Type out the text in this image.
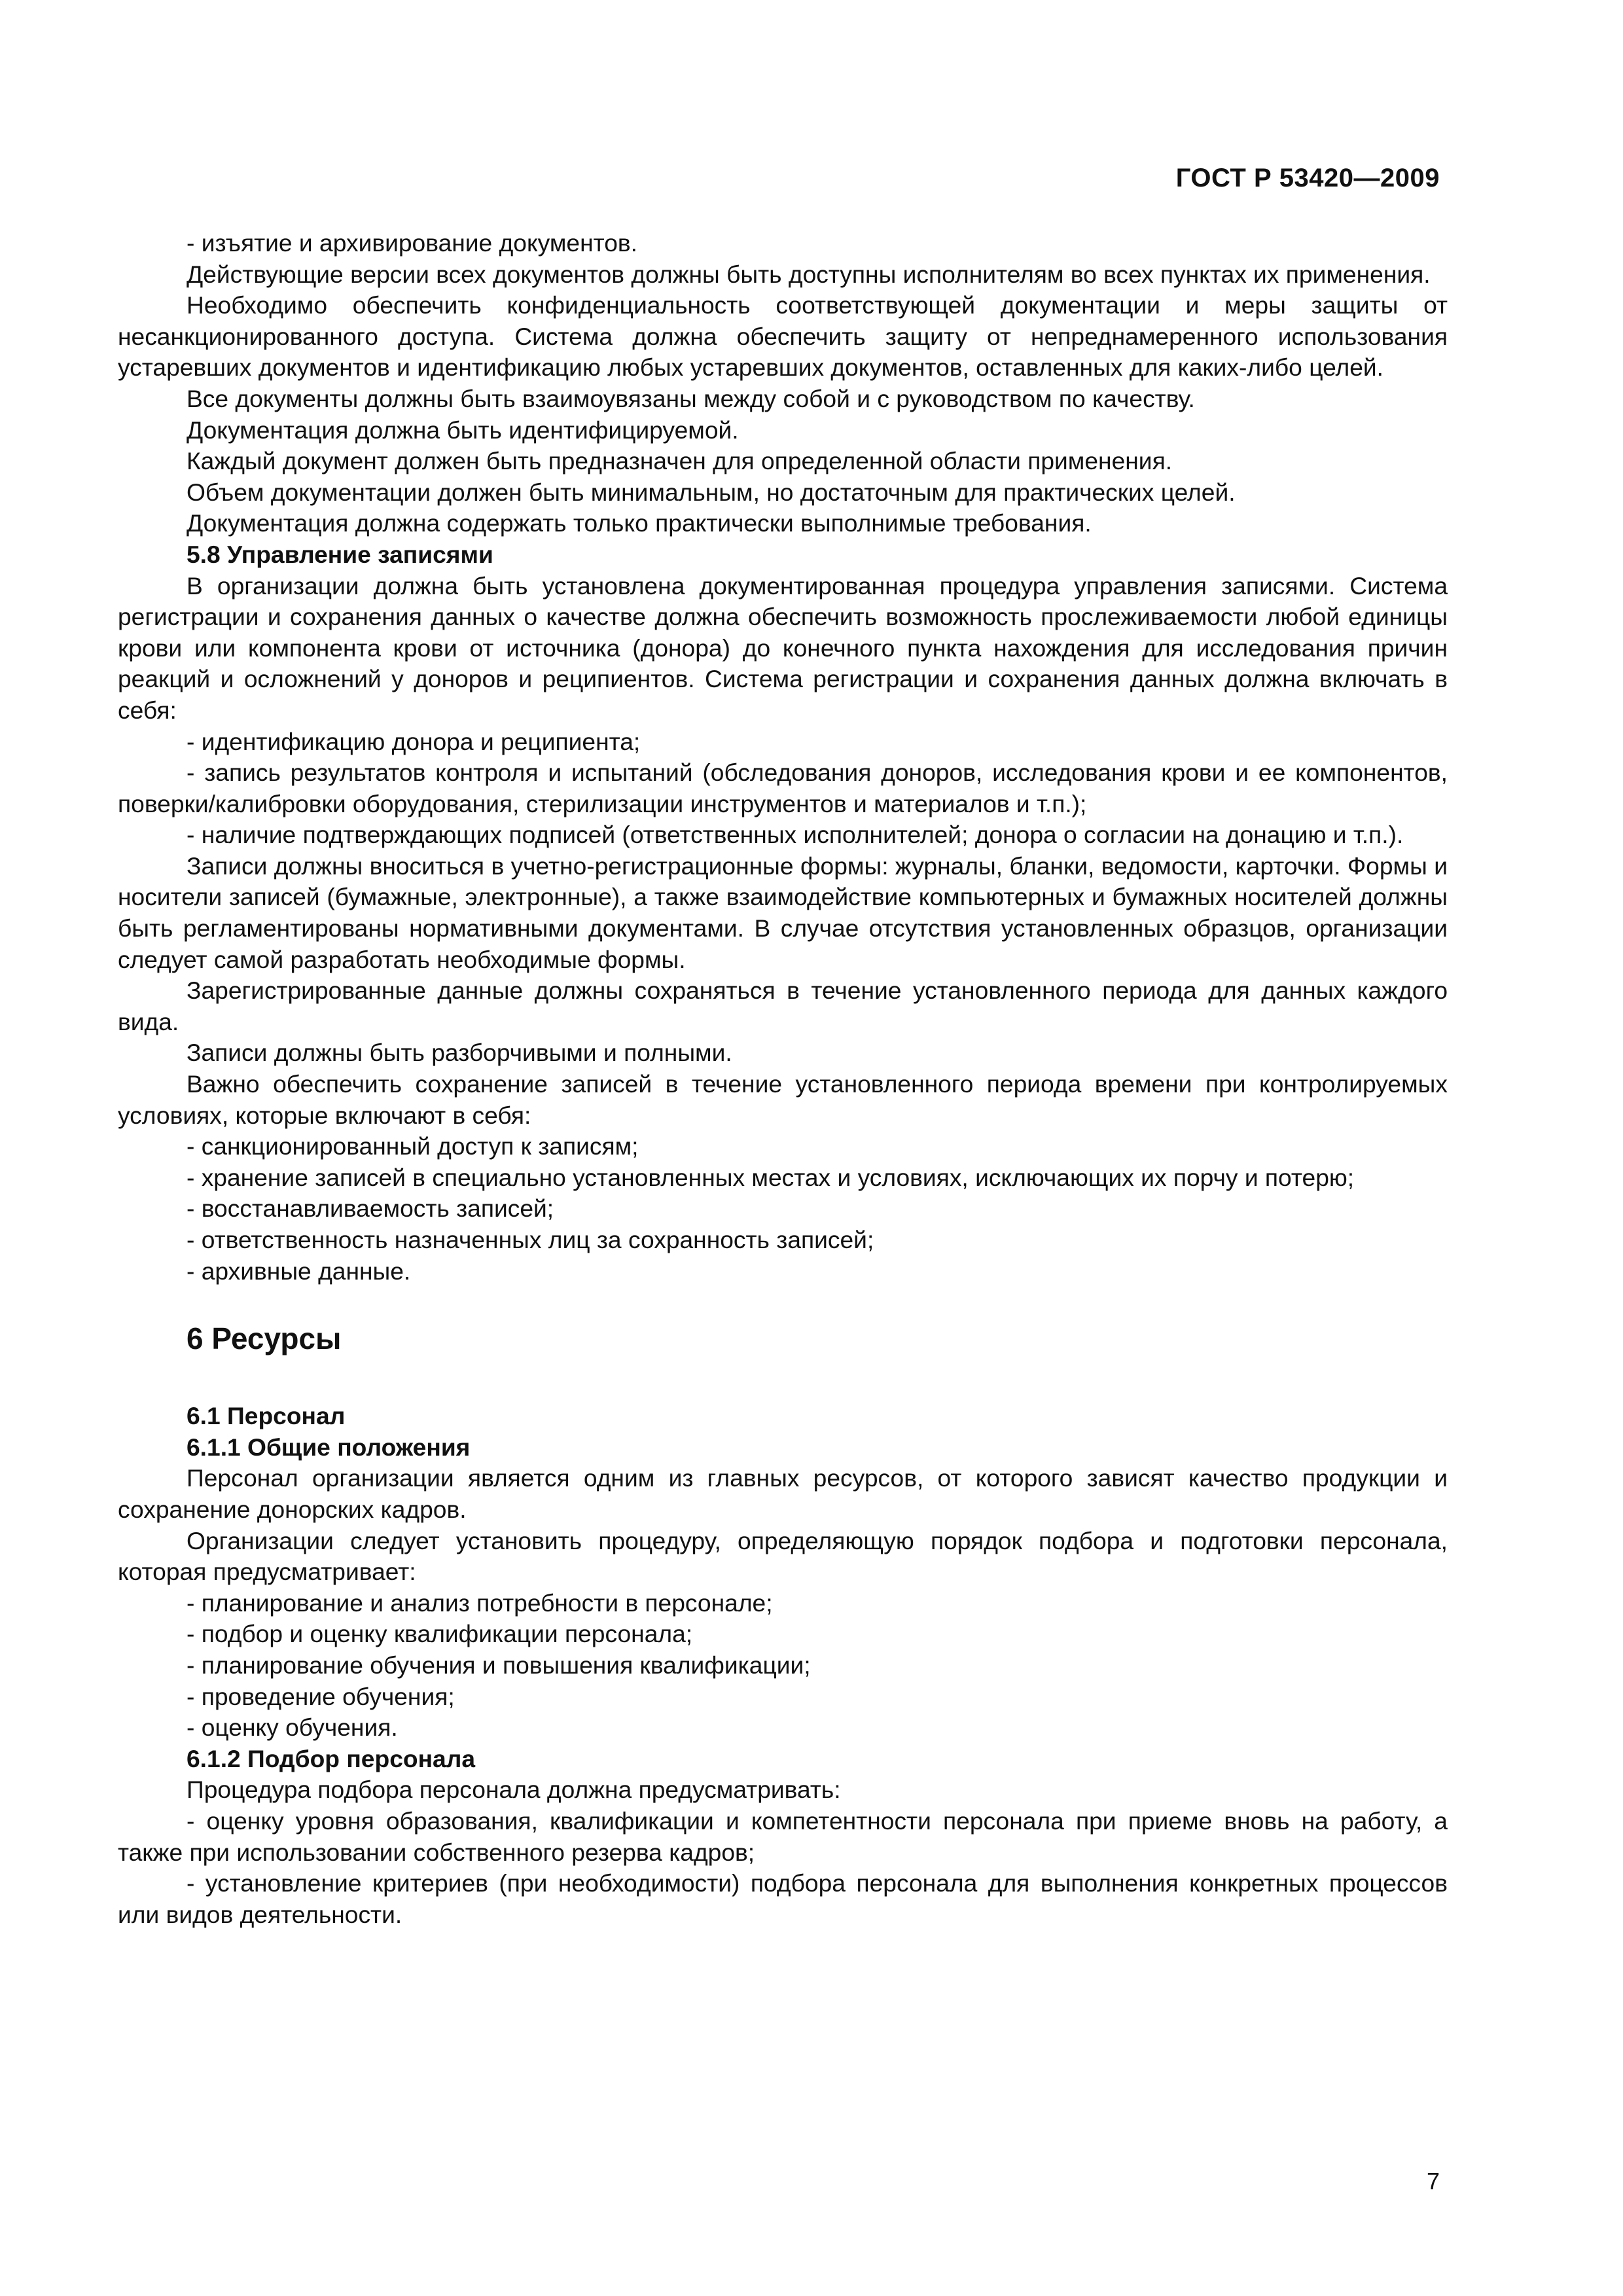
ГОСТ Р 53420—2009

- изъятие и архивирование документов.

Действующие версии всех документов должны быть доступны исполнителям во всех пунктах их применения.

Необходимо обеспечить конфиденциальность соответствующей документации и меры защиты от несанкционированного доступа. Система должна обеспечить защиту от непреднамеренного использования устаревших документов и идентификацию любых устаревших документов, оставленных для каких-либо целей.

Все документы должны быть взаимоувязаны между собой и с руководством по качеству.

Документация должна быть идентифицируемой.

Каждый документ должен быть предназначен для определенной области применения.

Объем документации должен быть минимальным, но достаточным для практических целей.

Документация должна содержать только практически выполнимые требования.

5.8 Управление записями

В организации должна быть установлена документированная процедура управления записями. Система регистрации и сохранения данных о качестве должна обеспечить возможность прослеживаемости любой единицы крови или компонента крови от источника (донора) до конечного пункта нахождения для исследования причин реакций и осложнений у доноров и реципиентов. Система регистрации и сохранения данных должна включать в себя:

- идентификацию донора и реципиента;

- запись результатов контроля и испытаний (обследования доноров, исследования крови и ее компонентов, поверки/калибровки оборудования, стерилизации инструментов и материалов и т.п.);

- наличие подтверждающих подписей (ответственных исполнителей; донора о согласии на донацию и т.п.).

Записи должны вноситься в учетно-регистрационные формы: журналы, бланки, ведомости, карточки. Формы и носители записей (бумажные, электронные), а также взаимодействие компьютерных и бумажных носителей должны быть регламентированы нормативными документами. В случае отсутствия установленных образцов, организации следует самой разработать необходимые формы.

Зарегистрированные данные должны сохраняться в течение установленного периода для данных каждого вида.

Записи должны быть разборчивыми и полными.

Важно обеспечить сохранение записей в течение установленного периода времени при контролируемых условиях, которые включают в себя:

- санкционированный доступ к записям;

- хранение записей в специально установленных местах и условиях, исключающих их порчу и потерю;

- восстанавливаемость записей;

- ответственность назначенных лиц за сохранность записей;

- архивные данные.

6 Ресурсы

6.1 Персонал

6.1.1 Общие положения

Персонал организации является одним из главных ресурсов, от которого зависят качество продукции и сохранение донорских кадров.

Организации следует установить процедуру, определяющую порядок подбора и подготовки персонала, которая предусматривает:

- планирование и анализ потребности в персонале;

- подбор и оценку квалификации персонала;

- планирование обучения и повышения квалификации;

- проведение обучения;

- оценку обучения.

6.1.2 Подбор персонала

Процедура подбора персонала должна предусматривать:

- оценку уровня образования, квалификации и компетентности персонала при приеме вновь на работу, а также при использовании собственного резерва кадров;

- установление критериев (при необходимости) подбора персонала для выполнения конкретных процессов или видов деятельности.

7
